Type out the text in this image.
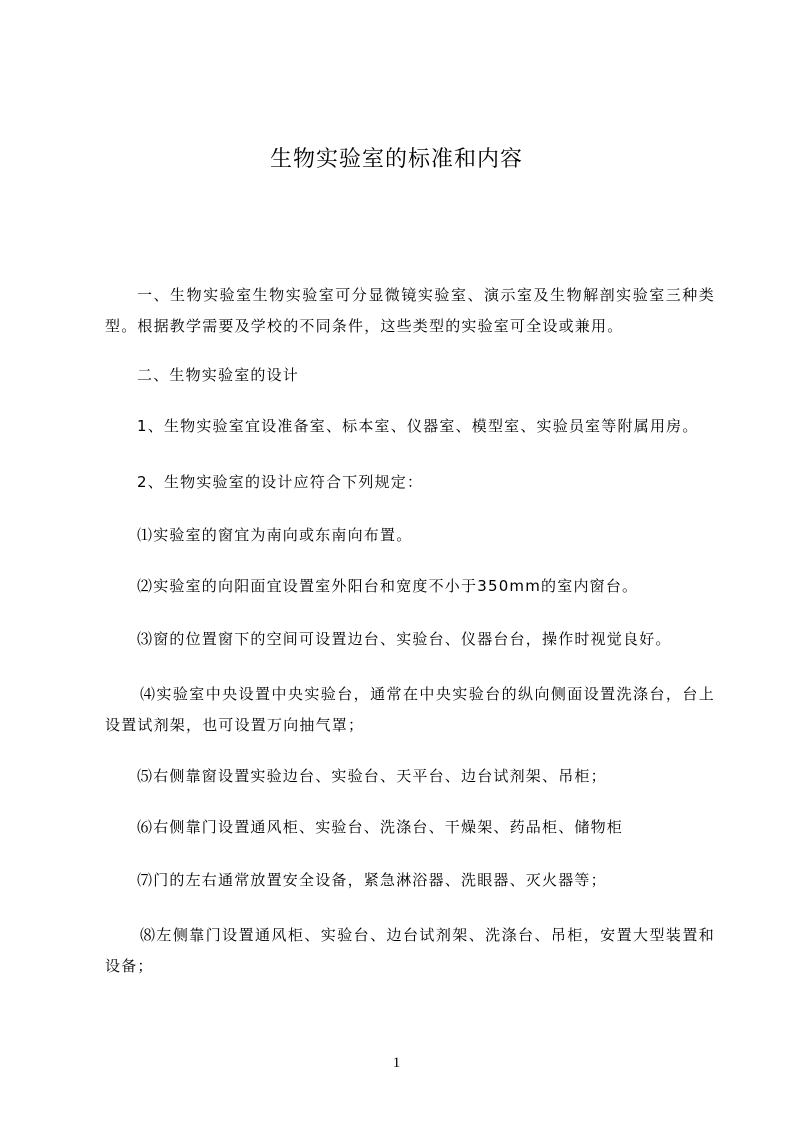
生物实验室的标准和内容
一、生物实验室生物实验室可分显微镜实验室、演示室及生物解剖实验室三种类型。根据教学需要及学校的不同条件，这些类型的实验室可全设或兼用。
二、生物实验室的设计
1、生物实验室宜设准备室、标本室、仪器室、模型室、实验员室等附属用房。
2、生物实验室的设计应符合下列规定：
⑴实验室的窗宜为南向或东南向布置。
⑵实验室的向阳面宜设置室外阳台和宽度不小于350mm的室内窗台。
⑶窗的位置窗下的空间可设置边台、实验台、仪器台台，操作时视觉良好。
⑷实验室中央设置中央实验台，通常在中央实验台的纵向侧面设置洗涤台，台上设置试剂架，也可设置万向抽气罩；
⑸右侧靠窗设置实验边台、实验台、天平台、边台试剂架、吊柜；
⑹右侧靠门设置通风柜、实验台、洗涤台、干燥架、药品柜、储物柜
⑺门的左右通常放置安全设备，紧急淋浴器、洗眼器、灭火器等；
⑻左侧靠门设置通风柜、实验台、边台试剂架、洗涤台、吊柜，安置大型装置和设备；
1
